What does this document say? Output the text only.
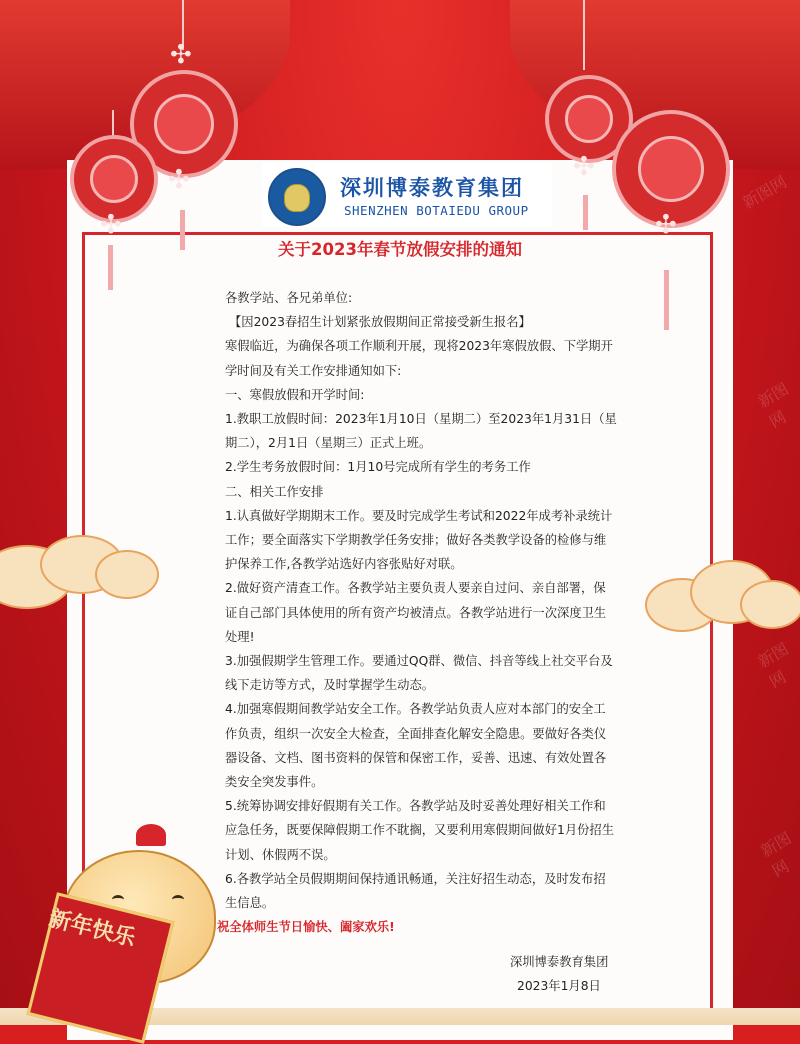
新图网
新图网
新图网
新图网
✣
✣
✣
✣
✣
深圳博泰教育集团
SHENZHEN BOTAIEDU GROUP
关于2023年春节放假安排的通知

各教学站、各兄弟单位:

【因2023春招生计划紧张放假期间正常接受新生报名】

寒假临近，为确保各项工作顺利开展，现将2023年寒假放假、下学期开学时间及有关工作安排通知如下:

一、寒假放假和开学时间:

1.教职工放假时间：2023年1月10日（星期二）至2023年1月31日（星期二），2月1日（星期三）正式上班。

2.学生考务放假时间：1月10号完成所有学生的考务工作

二、相关工作安排

1.认真做好学期期末工作。要及时完成学生考试和2022年成考补录统计工作；要全面落实下学期教学任务安排；做好各类教学设备的检修与维护保养工作,各教学站选好内容张贴好对联。

2.做好资产清查工作。各教学站主要负责人要亲自过问、亲自部署，保证自己部门具体使用的所有资产均被清点。各教学站进行一次深度卫生处理!

3.加强假期学生管理工作。要通过QQ群、微信、抖音等线上社交平台及线下走访等方式，及时掌握学生动态。

4.加强寒假期间教学站安全工作。各教学站负责人应对本部门的安全工作负责，组织一次安全大检查，全面排查化解安全隐患。要做好各类仪器设备、文档、图书资料的保管和保密工作，妥善、迅速、有效处置各类安全突发事件。

5.统筹协调安排好假期有关工作。各教学站及时妥善处理好相关工作和应急任务，既要保障假期工作不耽搁，又要利用寒假期间做好1月份招生计划、休假两不误。

6.各教学站全员假期期间保持通讯畅通，关注好招生动态，及时发布招生信息。

祝全体师生节日愉快、阖家欢乐!

深圳博泰教育集团
2023年1月8日
新年快乐
